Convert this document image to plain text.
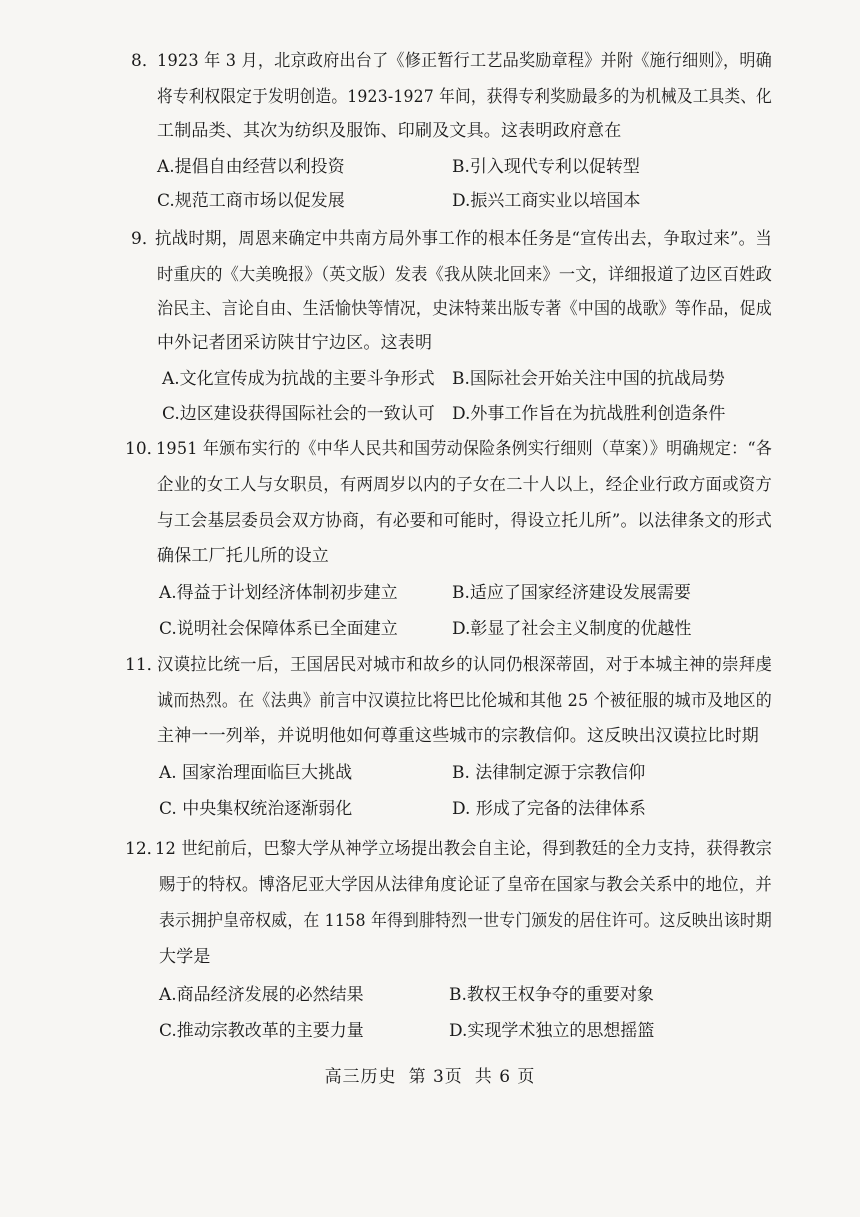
8．
1923 年 3 月，北京政府出台了《修正暂行工艺品奖励章程》并附《施行细则》，明确
将专利权限定于发明创造。1923-1927 年间，获得专利奖励最多的为机械及工具类、化
工制品类、其次为纺织及服饰、印刷及文具。这表明政府意在
A.提倡自由经营以利投资	B.引入现代专利以促转型
C.规范工商市场以促发展	D.振兴工商实业以培国本
9．
抗战时期，周恩来确定中共南方局外事工作的根本任务是“宣传出去，争取过来”。当
时重庆的《大美晚报》（英文版）发表《我从陕北回来》一文，详细报道了边区百姓政
治民主、言论自由、生活愉快等情况，史沫特莱出版专著《中国的战歌》等作品，促成
中外记者团采访陕甘宁边区。这表明
A.文化宣传成为抗战的主要斗争形式 B.国际社会开始关注中国的抗战局势
C.边区建设获得国际社会的一致认可 D.外事工作旨在为抗战胜利创造条件
10．
1951 年颁布实行的《中华人民共和国劳动保险条例实行细则（草案）》明确规定：“各
企业的女工人与女职员，有两周岁以内的子女在二十人以上，经企业行政方面或资方
与工会基层委员会双方协商，有必要和可能时，得设立托儿所”。以法律条文的形式
确保工厂托儿所的设立
A.得益于计划经济体制初步建立	B.适应了国家经济建设发展需要
C.说明社会保障体系已全面建立	D.彰显了社会主义制度的优越性
11．
汉谟拉比统一后，王国居民对城市和故乡的认同仍根深蒂固，对于本城主神的崇拜虔
诚而热烈。在《法典》前言中汉谟拉比将巴比伦城和其他 25 个被征服的城市及地区的
主神一一列举，并说明他如何尊重这些城市的宗教信仰。这反映出汉谟拉比时期
A. 国家治理面临巨大挑战	B. 法律制定源于宗教信仰
C. 中央集权统治逐渐弱化	D. 形成了完备的法律体系
12．
12 世纪前后，巴黎大学从神学立场提出教会自主论，得到教廷的全力支持，获得教宗
赐于的特权。博洛尼亚大学因从法律角度论证了皇帝在国家与教会关系中的地位，并
表示拥护皇帝权威，在 1158 年得到腓特烈一世专门颁发的居住许可。这反映出该时期
大学是
A.商品经济发展的必然结果	B.教权王权争夺的重要对象
C.推动宗教改革的主要力量	D.实现学术独立的思想摇篮
高三历史 第 3页 共 6 页
